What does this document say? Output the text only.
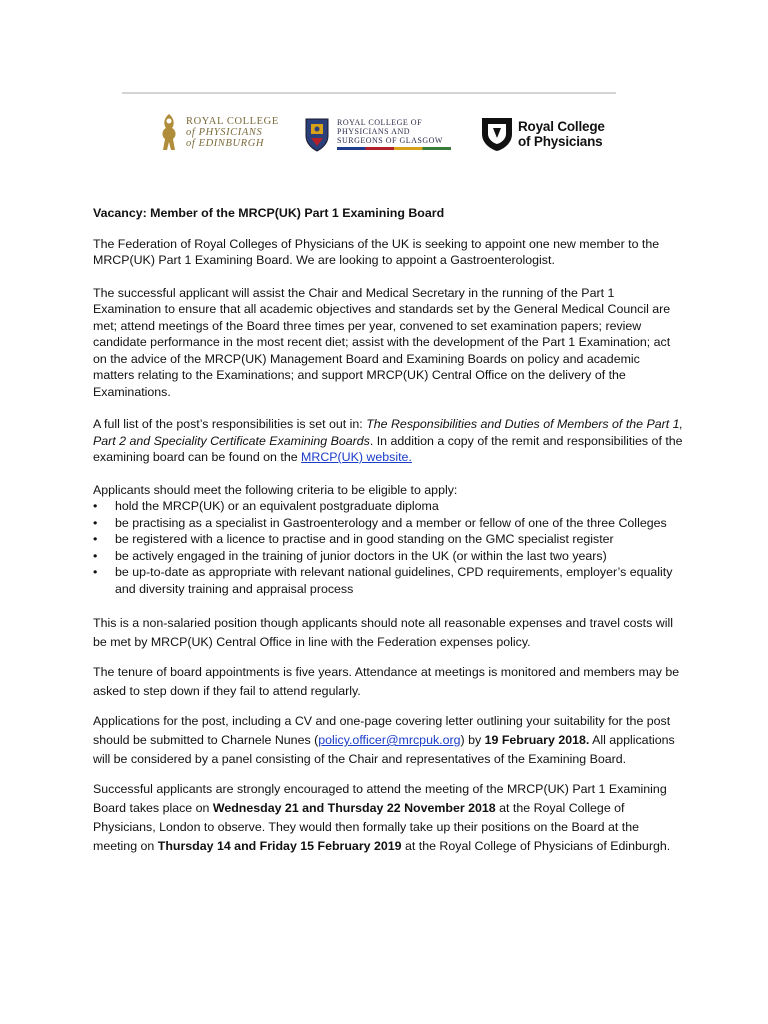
ROYAL COLLEGE
of PHYSICIANS
of EDINBURGH
ROYAL COLLEGE OF
PHYSICIANS AND
SURGEONS OF GLASGOW
Royal College
of Physicians

Vacancy: Member of the MRCP(UK) Part 1 Examining Board

The Federation of Royal Colleges of Physicians of the UK is seeking to appoint one new member to the MRCP(UK) Part 1 Examining Board. We are looking to appoint a Gastroenterologist.

The successful applicant will assist the Chair and Medical Secretary in the running of the Part 1 Examination to ensure that all academic objectives and standards set by the General Medical Council are met; attend meetings of the Board three times per year, convened to set examination papers; review candidate performance in the most recent diet; assist with the development of the Part 1 Examination; act on the advice of the MRCP(UK) Management Board and Examining Boards on policy and academic matters relating to the Examinations; and support MRCP(UK) Central Office on the delivery of the Examinations.

A full list of the post’s responsibilities is set out in: The Responsibilities and Duties of Members of the Part 1, Part 2 and Speciality Certificate Examining Boards. In addition a copy of the remit and responsibilities of the examining board can be found on the MRCP(UK) website.

Applicants should meet the following criteria to be eligible to apply:

• hold the MRCP(UK) or an equivalent postgraduate diploma
• be practising as a specialist in Gastroenterology and a member or fellow of one of the three Colleges
• be registered with a licence to practise and in good standing on the GMC specialist register
• be actively engaged in the training of junior doctors in the UK (or within the last two years)
• be up-to-date as appropriate with relevant national guidelines, CPD requirements, employer’s equality and diversity training and appraisal process

This is a non-salaried position though applicants should note all reasonable expenses and travel costs will be met by MRCP(UK) Central Office in line with the Federation expenses policy.

The tenure of board appointments is five years. Attendance at meetings is monitored and members may be asked to step down if they fail to attend regularly.

Applications for the post, including a CV and one-page covering letter outlining your suitability for the post should be submitted to Charnele Nunes (policy.officer@mrcpuk.org) by 19 February 2018. All applications will be considered by a panel consisting of the Chair and representatives of the Examining Board.

Successful applicants are strongly encouraged to attend the meeting of the MRCP(UK) Part 1 Examining Board takes place on Wednesday 21 and Thursday 22 November 2018 at the Royal College of Physicians, London to observe. They would then formally take up their positions on the Board at the meeting on Thursday 14 and Friday 15 February 2019 at the Royal College of Physicians of Edinburgh.
